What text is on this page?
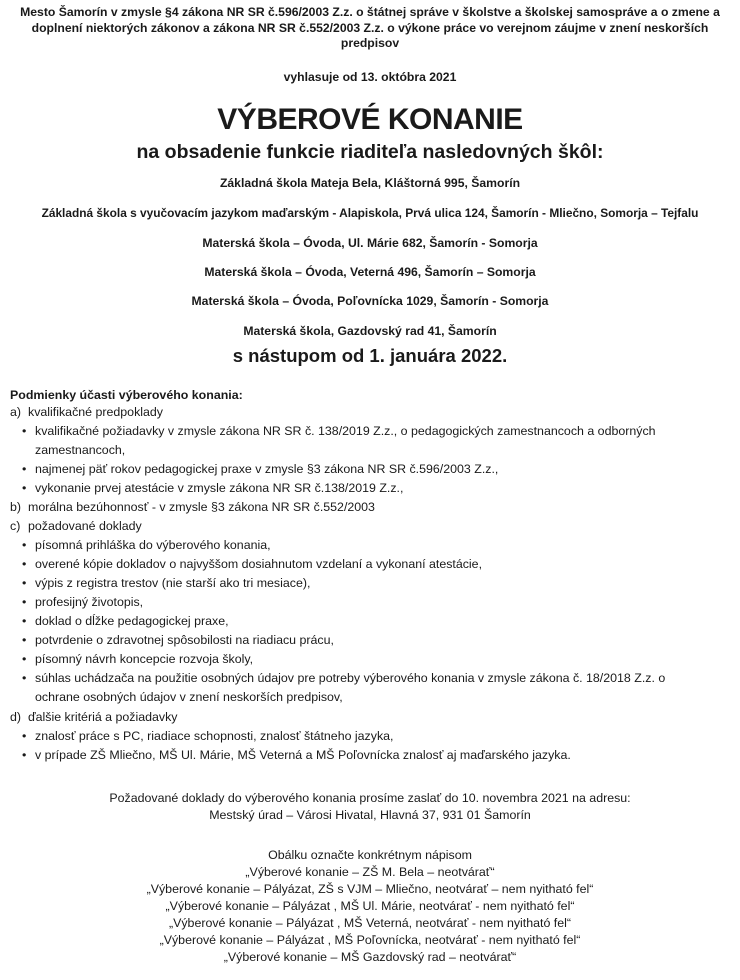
Mesto Šamorín v zmysle §4 zákona NR SR č.596/2003 Z.z. o štátnej správe v školstve a školskej samospráve a o zmene a doplnení niektorých zákonov a zákona NR SR č.552/2003 Z.z. o výkone práce vo verejnom záujme v znení neskorších predpisov
vyhlasuje od 13. októbra 2021
VÝBEROVÉ KONANIE
na obsadenie funkcie riaditeľa nasledovných škôl:
Základná škola Mateja Bela, Kláštorná 995, Šamorín
Základná škola s vyučovacím jazykom maďarským - Alapiskola, Prvá ulica 124, Šamorín - Mliečno, Somorja – Tejfalu
Materská škola – Óvoda, Ul. Márie 682, Šamorín - Somorja
Materská škola – Óvoda, Veterná 496, Šamorín – Somorja
Materská škola – Óvoda, Poľovnícka 1029, Šamorín - Somorja
Materská škola, Gazdovský rad 41, Šamorín
s nástupom od 1. januára 2022.
Podmienky účasti výberového konania:
a) kvalifikačné predpoklady
• kvalifikačné požiadavky v zmysle zákona NR SR č. 138/2019 Z.z., o pedagogických zamestnancoch a odborných
zamestnancoch,
• najmenej päť rokov pedagogickej praxe v zmysle §3 zákona NR SR č.596/2003 Z.z.,
• vykonanie prvej atestácie v zmysle zákona NR SR č.138/2019 Z.z.,
b) morálna bezúhonnosť - v zmysle §3 zákona NR SR č.552/2003
c) požadované doklady
• písomná prihláška do výberového konania,
• overené kópie dokladov o najvyššom dosiahnutom vzdelaní a vykonaní atestácie,
• výpis z registra trestov (nie starší ako tri mesiace),
• profesijný životopis,
• doklad o dĺžke pedagogickej praxe,
• potvrdenie o zdravotnej spôsobilosti na riadiacu prácu,
• písomný návrh koncepcie rozvoja školy,
• súhlas uchádzača na použitie osobných údajov pre potreby výberového konania v zmysle zákona č. 18/2018 Z.z. o
ochrane osobných údajov v znení neskorších predpisov,
d) ďalšie kritériá a požiadavky
• znalosť práce s PC, riadiace schopnosti, znalosť štátneho jazyka,
• v prípade ZŠ Mliečno, MŠ Ul. Márie, MŠ Veterná a MŠ Poľovnícka znalosť aj maďarského jazyka.
Požadované doklady do výberového konania prosíme zaslať do 10. novembra 2021 na adresu:
Mestský úrad – Városi Hivatal, Hlavná 37, 931 01 Šamorín
Obálku označte konkrétnym nápisom
„Výberové konanie – ZŠ M. Bela – neotvárať“
„Výberové konanie – Pályázat, ZŠ s VJM – Mliečno, neotvárať – nem nyitható fel“
„Výberové konanie – Pályázat , MŠ Ul. Márie, neotvárať - nem nyitható fel“
„Výberové konanie – Pályázat , MŠ Veterná, neotvárať - nem nyitható fel“
„Výberové konanie – Pályázat , MŠ Poľovnícka, neotvárať - nem nyitható fel“
„Výberové konanie – MŠ Gazdovský rad – neotvárať“
